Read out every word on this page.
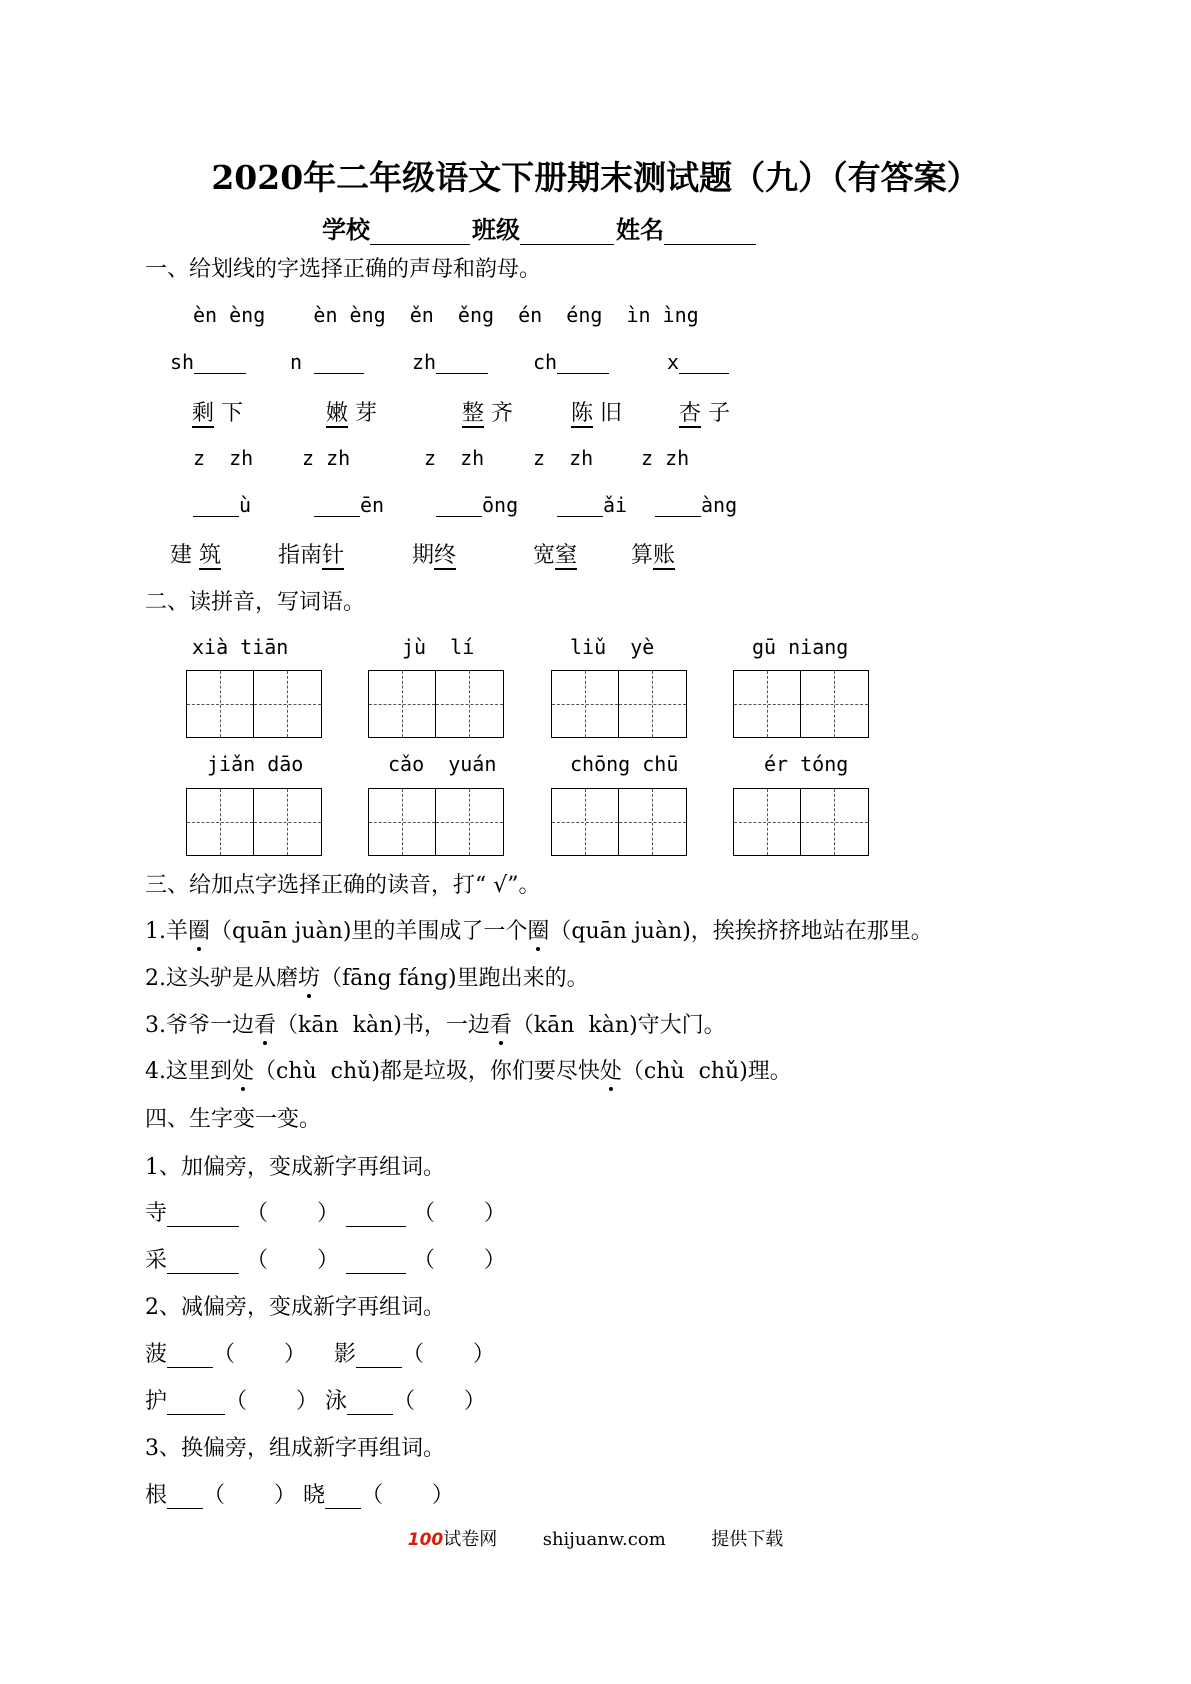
2020年二年级语文下册期末测试题（九）（有答案）
学校	班级	姓名
一、给划线的字选择正确的声母和韵母。
èn èng    èn èng  ěn  ěng  én  éng  ìn ìng
sh	n	zh	ch	x
剩 下	嫩 芽	整 齐	陈 旧	杏 子
z  zh z zh	z  zh z  zh z zh
ù	ēn	ōng	ǎi	àng
建 筑	指南针	期终	宽窒 算账
二、读拼音，写词语。
xià tiān	jù  lí	liǔ  yè	gū niang
jiǎn dāo	cǎo  yuán	chōng chū	ér tóng
三、给加点字选择正确的读音，打“ √”。
1.羊圈（quān juàn)里的羊围成了一个圈（quān juàn)，挨挨挤挤地站在那里。
2.这头驴是从磨坊（fāng fáng)里跑出来的。
3.爷爷一边看（kān  kàn)书，一边看（kān  kàn)守大门。
4.这里到处（chù  chǔ)都是垃圾，你们要尽快处（chù  chǔ)理。
四、生字变一变。
1、加偏旁，变成新字再组词。
寺	（       ）	（       ）
采	（       ）	（       ）
2、减偏旁，变成新字再组词。
菠 （       ） 影 （       ）
护	（       ） 泳 （       ）
3、换偏旁，组成新字再组词。
根 （       ） 晓 （       ）
100试卷网	shijuanw.com	提供下载
